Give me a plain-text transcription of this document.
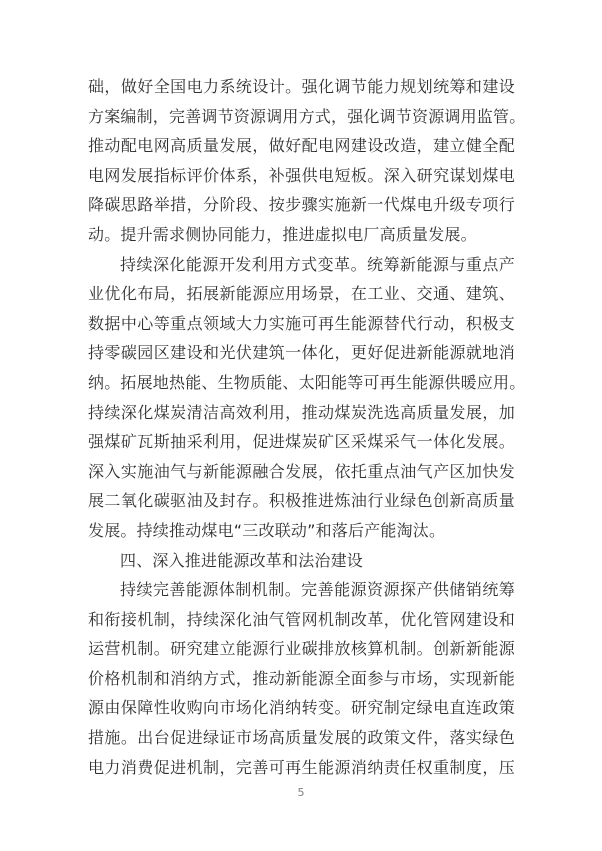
础，做好全国电力系统设计。强化调节能力规划统筹和建设

方案编制，完善调节资源调用方式，强化调节资源调用监管。

推动配电网高质量发展，做好配电网建设改造，建立健全配

电网发展指标评价体系，补强供电短板。深入研究谋划煤电

降碳思路举措，分阶段、按步骤实施新一代煤电升级专项行

动。提升需求侧协同能力，推进虚拟电厂高质量发展。

持续深化能源开发利用方式变革。统筹新能源与重点产

业优化布局，拓展新能源应用场景，在工业、交通、建筑、

数据中心等重点领域大力实施可再生能源替代行动，积极支

持零碳园区建设和光伏建筑一体化，更好促进新能源就地消

纳。拓展地热能、生物质能、太阳能等可再生能源供暖应用。

持续深化煤炭清洁高效利用，推动煤炭洗选高质量发展，加

强煤矿瓦斯抽采利用，促进煤炭矿区采煤采气一体化发展。

深入实施油气与新能源融合发展，依托重点油气产区加快发

展二氧化碳驱油及封存。积极推进炼油行业绿色创新高质量

发展。持续推动煤电“三改联动”和落后产能淘汰。

四、深入推进能源改革和法治建设

持续完善能源体制机制。完善能源资源探产供储销统筹

和衔接机制，持续深化油气管网机制改革，优化管网建设和

运营机制。研究建立能源行业碳排放核算机制。创新新能源

价格机制和消纳方式，推动新能源全面参与市场，实现新能

源由保障性收购向市场化消纳转变。研究制定绿电直连政策

措施。出台促进绿证市场高质量发展的政策文件，落实绿色

电力消费促进机制，完善可再生能源消纳责任权重制度，压

5
